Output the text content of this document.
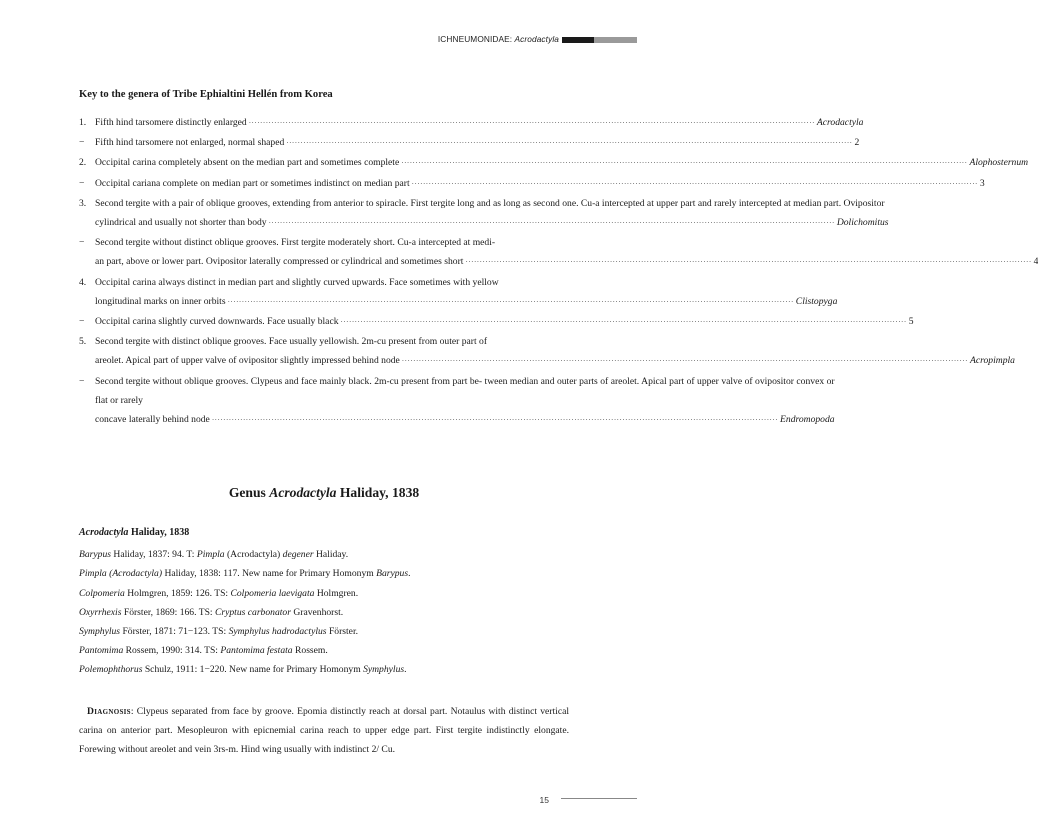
ICHNEUMONIDAE: Acrodactyla
Key to the genera of Tribe Ephialtini Hellén from Korea
1. Fifth hind tarsomere distinctly enlarged ········································································································································································································ Acrodactyla
−	Fifth hind tarsomere not enlarged, normal shaped ········································································································································································································ 2
2. Occipital carina completely absent on the median part and sometimes complete ········································································································································································································ Alophosternum
−	Occipital cariana complete on median part or sometimes indistinct on median part ········································································································································································································ 3
3. Second tergite with a pair of oblique grooves, extending from anterior to spiracle. First tergite long and as long as second one. Cu-a intercepted at upper part and rarely intercepted at median part. Ovipositor
cylindrical and usually not shorter than body ········································································································································································································ Dolichomitus
−	Second tergite without distinct oblique grooves. First tergite moderately short. Cu-a intercepted at medi-
an part, above or lower part. Ovipositor laterally compressed or cylindrical and sometimes short ········································································································································································································ 4
4. Occipital carina always distinct in median part and slightly curved upwards. Face sometimes with yellow
longitudinal marks on inner orbits ········································································································································································································ Clistopyga
−	Occipital carina slightly curved downwards. Face usually black ········································································································································································································ 5
5. Second tergite with distinct oblique grooves. Face usually yellowish. 2m-cu present from outer part of
areolet. Apical part of upper valve of ovipositor slightly impressed behind node ········································································································································································································ Acropimpla
−	Second tergite without oblique grooves. Clypeus and face mainly black. 2m-cu present from part be- tween median and outer parts of areolet. Apical part of upper valve of ovipositor convex or flat or rarely
concave laterally behind node ········································································································································································································ Endromopoda
Genus Acrodactyla Haliday, 1838
Acrodactyla Haliday, 1838
Barypus Haliday, 1837: 94. T: Pimpla (Acrodactyla) degener Haliday.
Pimpla (Acrodactyla) Haliday, 1838: 117. New name for Primary Homonym Barypus.
Colpomeria Holmgren, 1859: 126. TS: Colpomeria laevigata Holmgren.
Oxyrrhexis Förster, 1869: 166. TS: Cryptus carbonator Gravenhorst.
Symphylus Förster, 1871: 71−123. TS: Symphylus hadrodactylus Förster.
Pantomima Rossem, 1990: 314. TS: Pantomima festata Rossem.
Polemophthorus Schulz, 1911: 1−220. New name for Primary Homonym Symphylus.
Diagnosis: Clypeus separated from face by groove. Epomia distinctly reach at dorsal part. Notaulus with distinct vertical carina on anterior part. Mesopleuron with epicnemial carina reach to upper edge part. First tergite indistinctly elongate. Forewing without areolet and vein 3rs-m. Hind wing usually with indistinct 2/ Cu.
15
